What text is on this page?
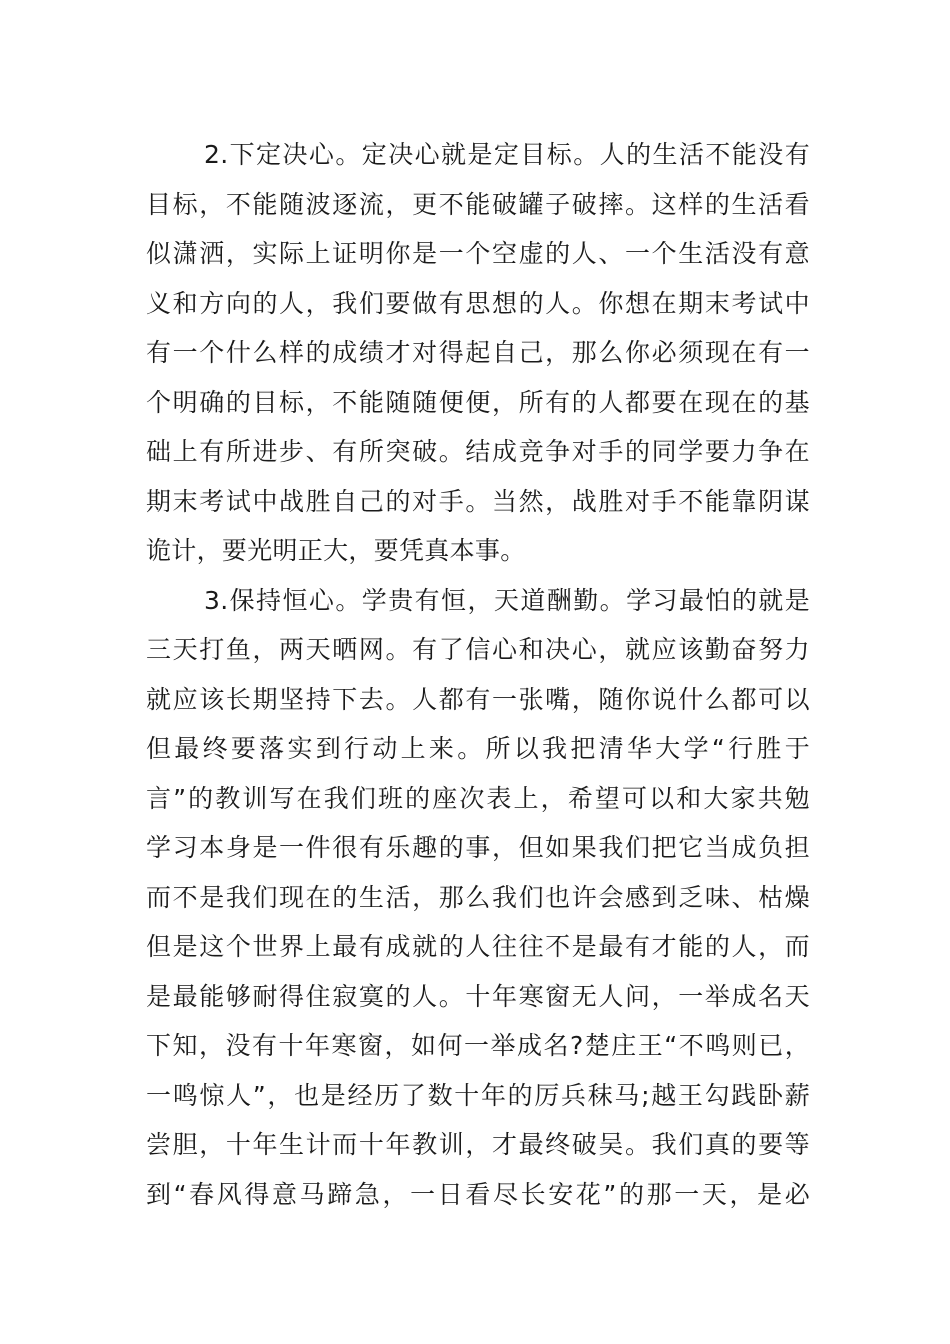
2.下定决心。定决心就是定目标。人的生活不能没有
目标，不能随波逐流，更不能破罐子破摔。这样的生活看
似潇洒，实际上证明你是一个空虚的人、一个生活没有意
义和方向的人，我们要做有思想的人。你想在期末考试中
有一个什么样的成绩才对得起自己，那么你必须现在有一
个明确的目标，不能随随便便，所有的人都要在现在的基
础上有所进步、有所突破。结成竞争对手的同学要力争在
期末考试中战胜自己的对手。当然，战胜对手不能靠阴谋
诡计，要光明正大，要凭真本事。
3.保持恒心。学贵有恒，天道酬勤。学习最怕的就是
三天打鱼，两天晒网。有了信心和决心，就应该勤奋努力
就应该长期坚持下去。人都有一张嘴，随你说什么都可以
但最终要落实到行动上来。所以我把清华大学“行胜于
言”的教训写在我们班的座次表上，希望可以和大家共勉
学习本身是一件很有乐趣的事，但如果我们把它当成负担
而不是我们现在的生活，那么我们也许会感到乏味、枯燥
但是这个世界上最有成就的人往往不是最有才能的人，而
是最能够耐得住寂寞的人。十年寒窗无人问，一举成名天
下知，没有十年寒窗，如何一举成名?楚庄王“不鸣则已，
一鸣惊人”，也是经历了数十年的厉兵秣马;越王勾践卧薪
尝胆，十年生计而十年教训，才最终破吴。我们真的要等
到“春风得意马蹄急，一日看尽长安花”的那一天，是必
